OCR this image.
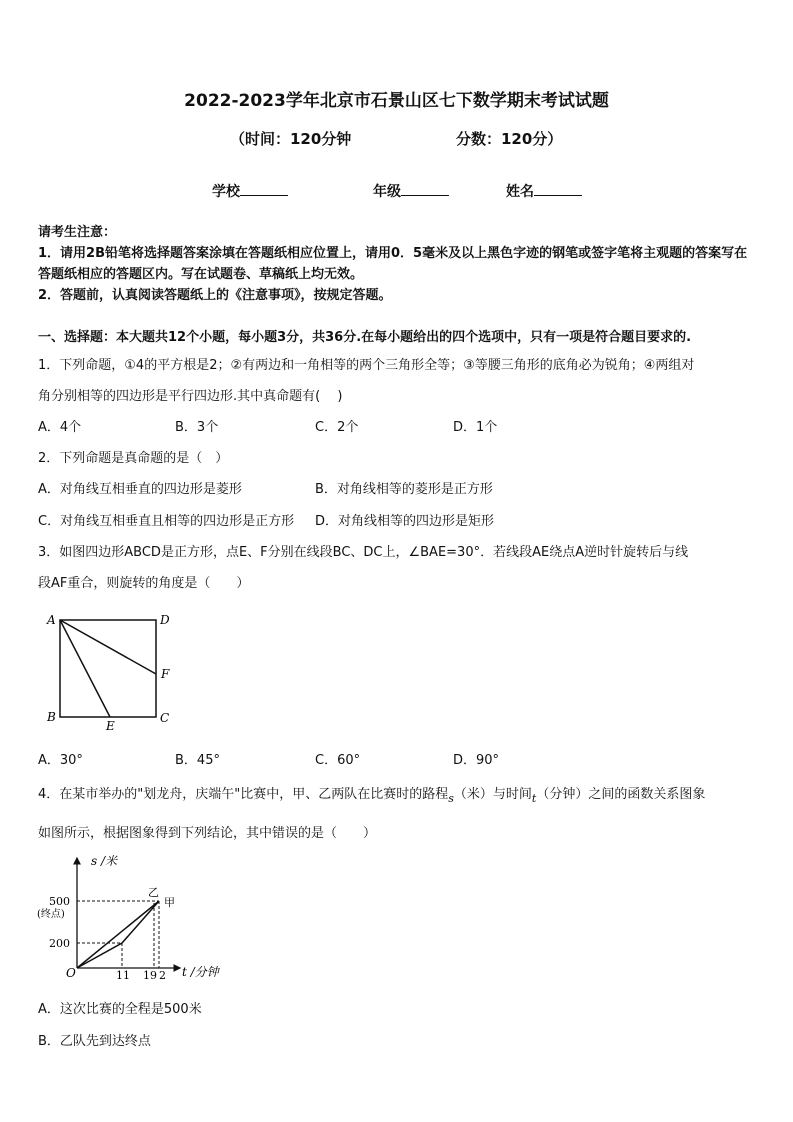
2022-2023学年北京市石景山区七下数学期末考试试题
（时间：120分钟	分数：120分）
学校	年级	姓名
请考生注意：
1．请用2B铅笔将选择题答案涂填在答题纸相应位置上，请用0．5毫米及以上黑色字迹的钢笔或签字笔将主观题的答案写在答题纸相应的答题区内。写在试题卷、草稿纸上均无效。
2．答题前，认真阅读答题纸上的《注意事项》，按规定答题。
一、选择题：本大题共12个小题，每小题3分，共36分.在每小题给出的四个选项中，只有一项是符合题目要求的.
1．下列命题，①4的平方根是2；②有两边和一角相等的两个三角形全等；③等腰三角形的底角必为锐角；④两组对
角分别相等的四边形是平行四边形.其中真命题有(　 )
A．4个	B．3个	C．2个	D．1个
2．下列命题是真命题的是（　）
A．对角线互相垂直的四边形是菱形	B．对角线相等的菱形是正方形
C．对角线互相垂直且相等的四边形是正方形 D．对角线相等的四边形是矩形
3．如图四边形ABCD是正方形，点E、F分别在线段BC、DC上，∠BAE=30°．若线段AE绕点A逆时针旋转后与线
段AF重合，则旋转的角度是（　　）
A	D
F
B	C
E
A．30°	B．45°	C．60°	D．90°
4．在某市举办的"划龙舟，庆端午"比赛中，甲、乙两队在比赛时的路程$_s$（米）与时间$_t$（分钟）之间的函数关系图象
如图所示，根据图象得到下列结论，其中错误的是（　　）
s /米
500
(终点)
200
O	11 19 2 t /分钟
乙
甲
A．这次比赛的全程是500米
B．乙队先到达终点
